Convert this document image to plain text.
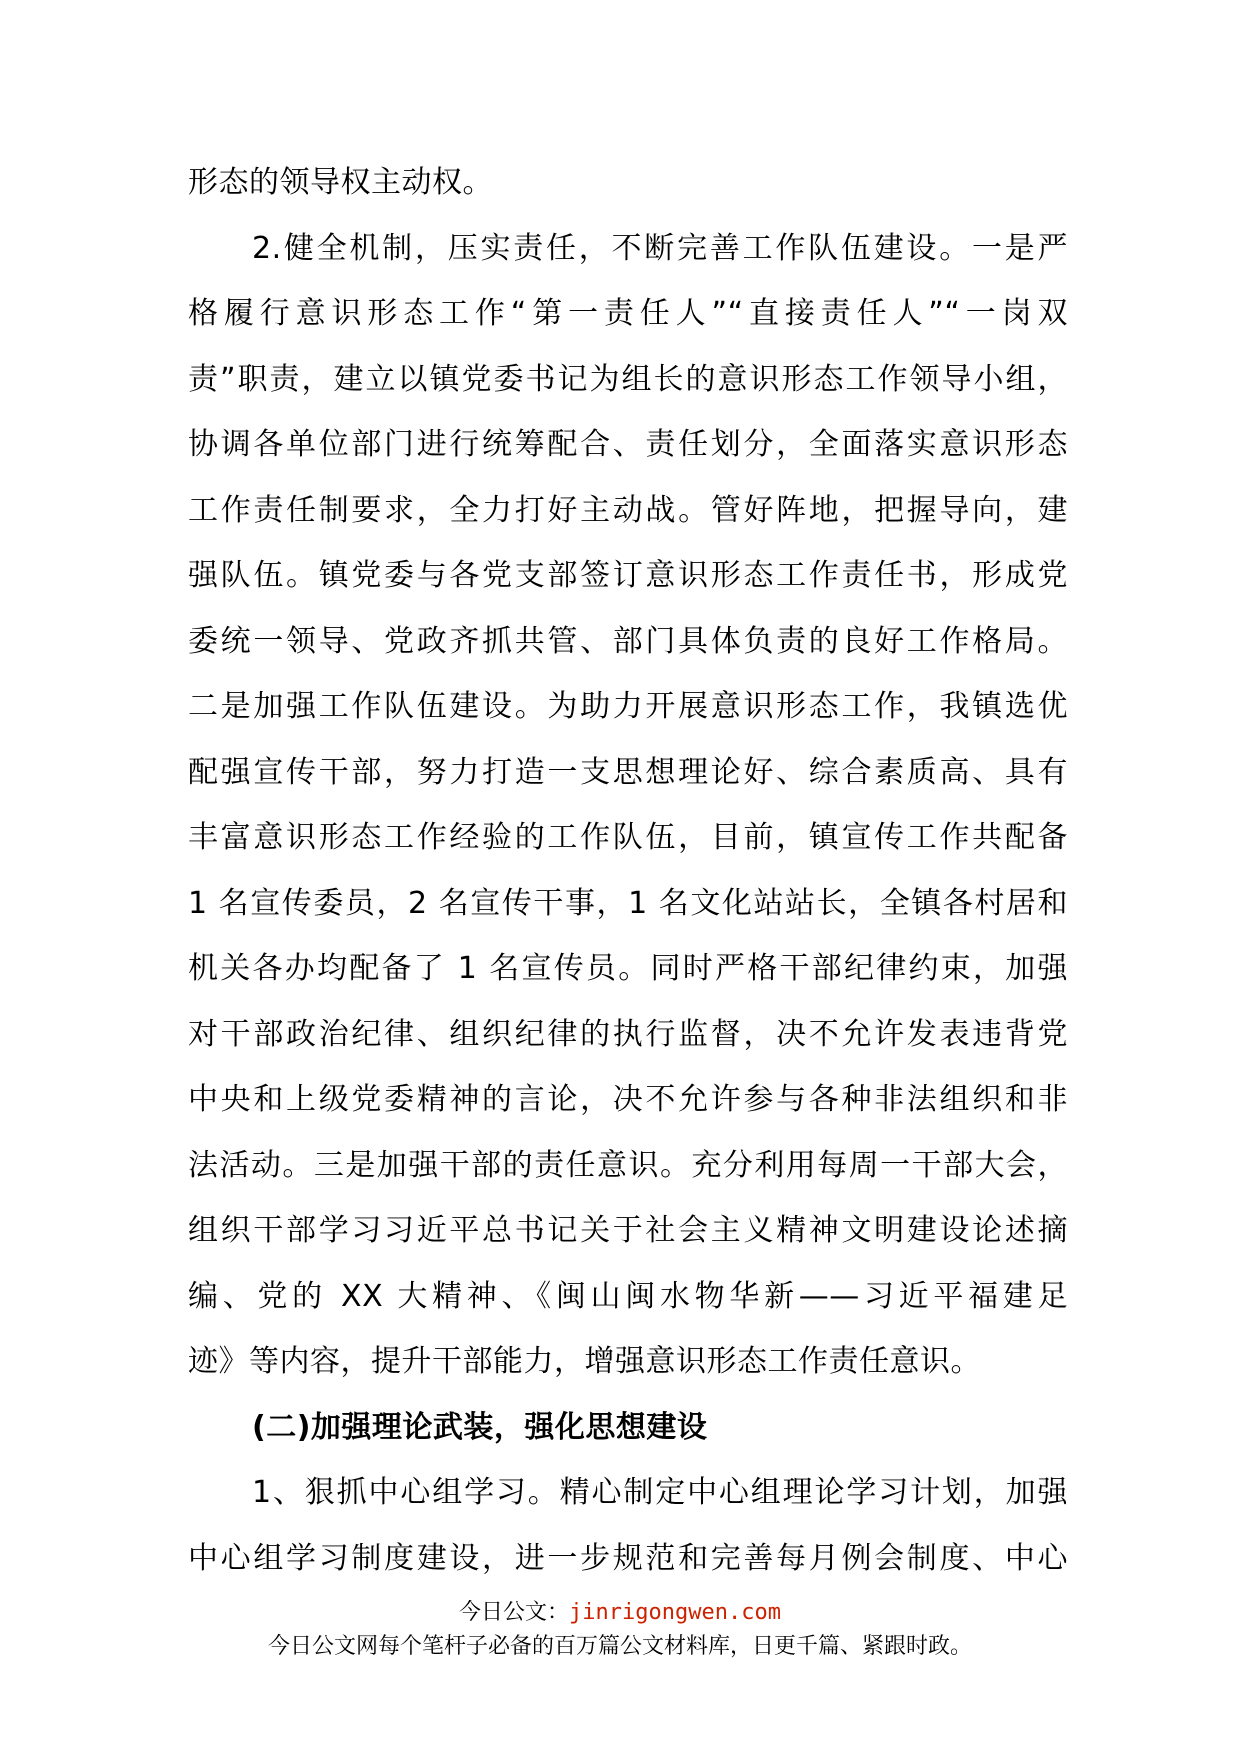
形态的领导权主动权。
2.健全机制，压实责任，不断完善工作队伍建设。一是严
格履行意识形态工作“第一责任人”“直接责任人”“一岗双
责”职责，建立以镇党委书记为组长的意识形态工作领导小组，
协调各单位部门进行统筹配合、责任划分，全面落实意识形态
工作责任制要求，全力打好主动战。管好阵地，把握导向，建
强队伍。镇党委与各党支部签订意识形态工作责任书，形成党
委统一领导、党政齐抓共管、部门具体负责的良好工作格局。
二是加强工作队伍建设。为助力开展意识形态工作，我镇选优
配强宣传干部，努力打造一支思想理论好、综合素质高、具有
丰富意识形态工作经验的工作队伍，目前，镇宣传工作共配备
1 名宣传委员，2 名宣传干事，1 名文化站站长，全镇各村居和
机关各办均配备了 1 名宣传员。同时严格干部纪律约束，加强
对干部政治纪律、组织纪律的执行监督，决不允许发表违背党
中央和上级党委精神的言论，决不允许参与各种非法组织和非
法活动。三是加强干部的责任意识。充分利用每周一干部大会，
组织干部学习习近平总书记关于社会主义精神文明建设论述摘
编、党的 XX 大精神、《闽山闽水物华新——习近平福建足
迹》等内容，提升干部能力，增强意识形态工作责任意识。
(二)加强理论武装，强化思想建设
1、狠抓中心组学习。精心制定中心组理论学习计划，加强
中心组学习制度建设，进一步规范和完善每月例会制度、中心
今日公文：jinrigongwen.com
今日公文网每个笔杆子必备的百万篇公文材料库，日更千篇、紧跟时政。
